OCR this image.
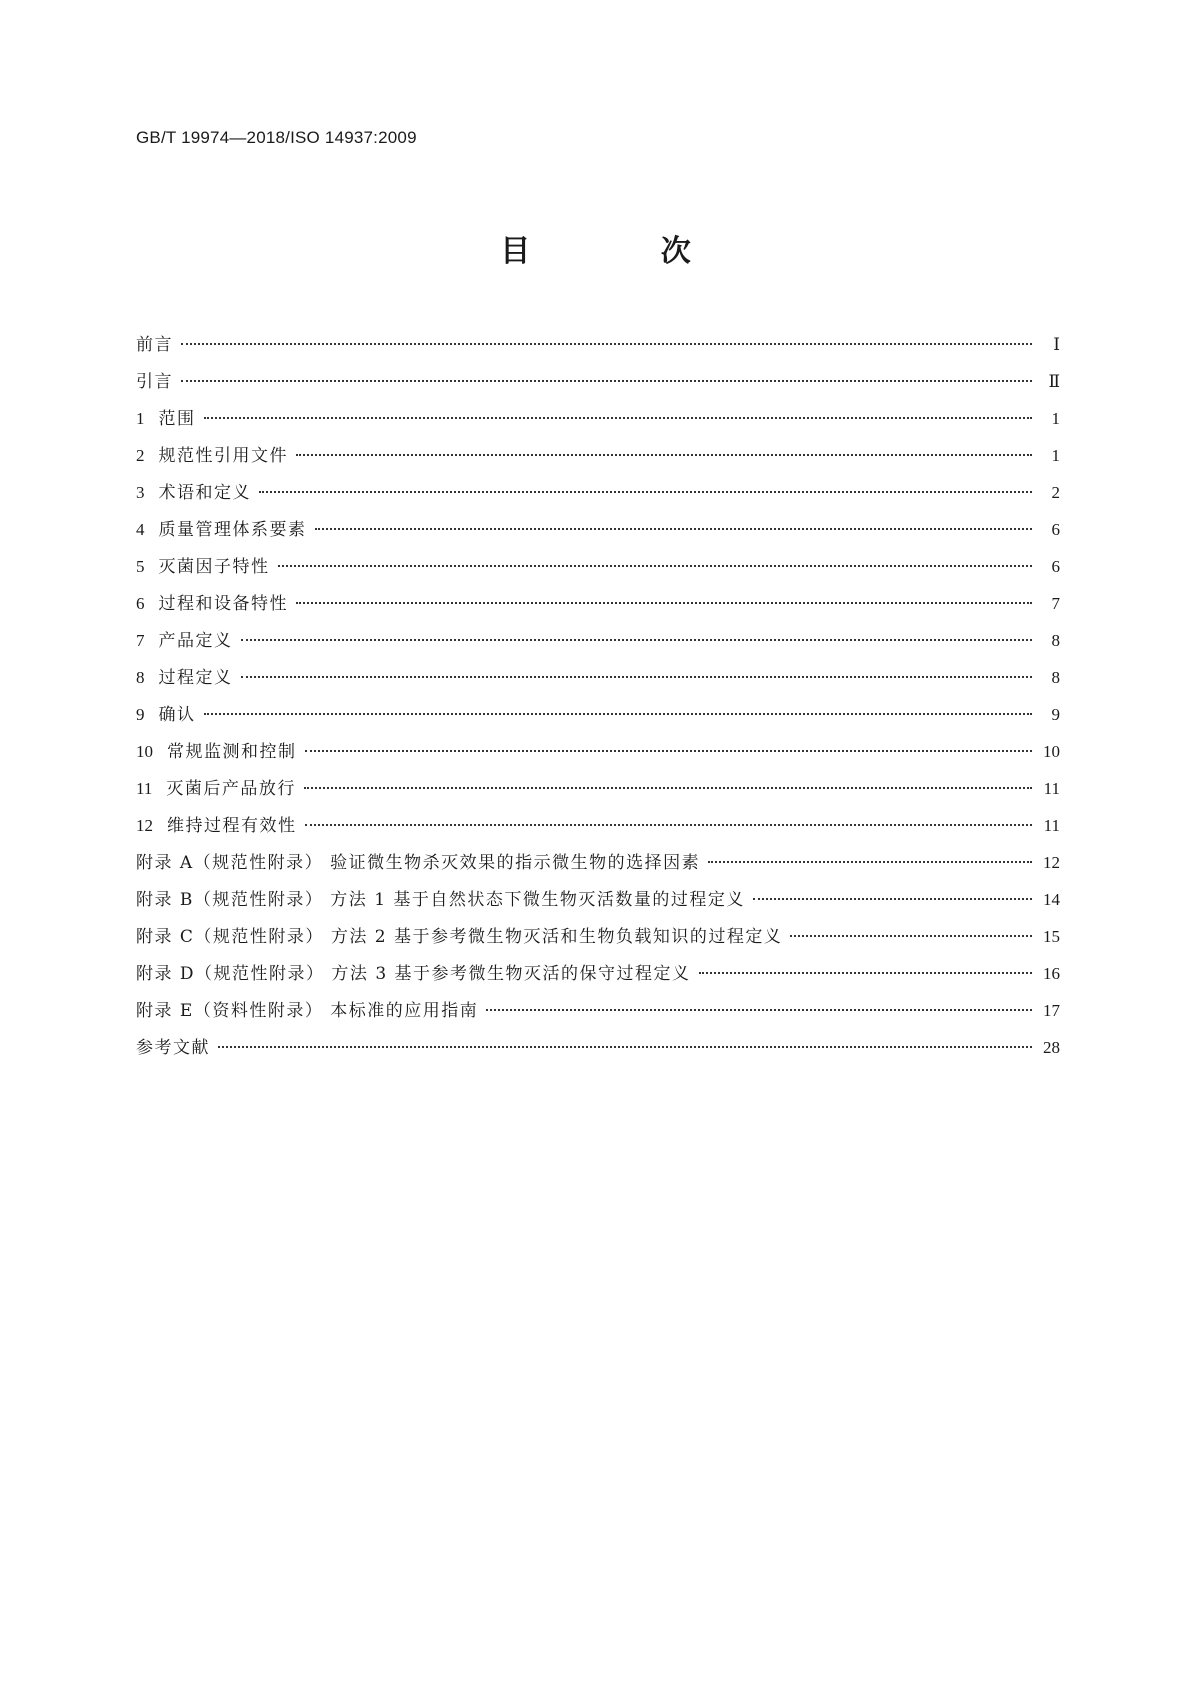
GB/T 19974—2018/ISO 14937:2009
目 次
前言	Ⅰ
引言	Ⅱ
1 范围	1
2 规范性引用文件	1
3 术语和定义	2
4 质量管理体系要素	6
5 灭菌因子特性	6
6 过程和设备特性	7
7 产品定义	8
8 过程定义	8
9 确认	9
10 常规监测和控制	10
11 灭菌后产品放行	11
12 维持过程有效性	11
附录 A（规范性附录） 验证微生物杀灭效果的指示微生物的选择因素	12
附录 B（规范性附录） 方法 1 基于自然状态下微生物灭活数量的过程定义	14
附录 C（规范性附录） 方法 2 基于参考微生物灭活和生物负载知识的过程定义	15
附录 D（规范性附录） 方法 3 基于参考微生物灭活的保守过程定义	16
附录 E（资料性附录） 本标准的应用指南	17
参考文献	28
